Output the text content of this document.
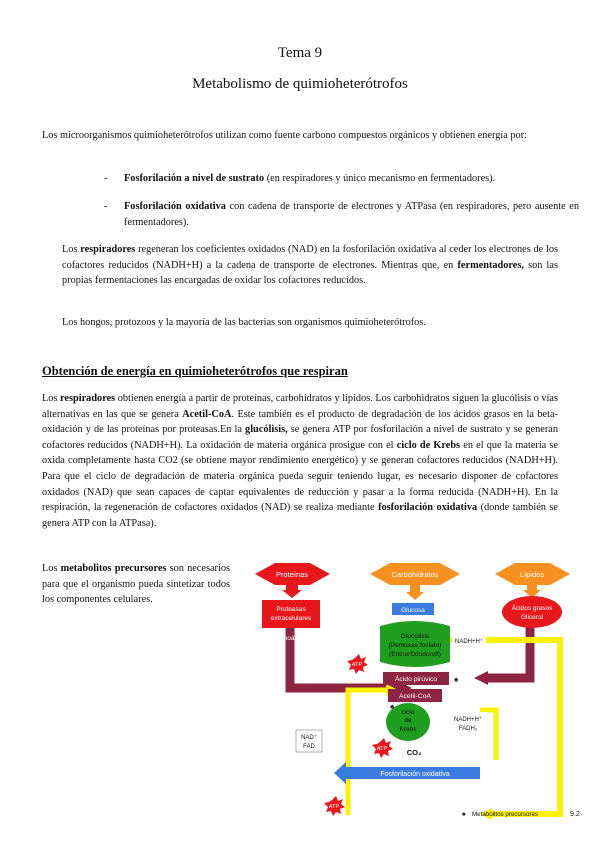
Tema 9
Metabolismo de quimioheterótrofos
Los microorganismos quimioheterótrofos utilizan como fuente carbono compuestos orgánicos y obtienen energía por:
- Fosforilación a nivel de sustrato (en respiradores y único mecanismo en fermentadores).
- Fosforilación oxidativa con cadena de transporte de electrones y ATPasa (en respiradores, pero ausente en fermentadores).
Los respiradores regeneran los coeficientes oxidados (NAD) en la fosforilación oxidativa al ceder los electrones de los cofactores reducidos (NADH+H) a la cadena de transporte de electrones. Mientras que, en fermentadores, son las propias fermentaciones las encargadas de oxidar los cofactores reducidos.
Los hongos, protozoos y la mayoría de las bacterias son organismos quimioheterótrofos.
Obtención de energía en quimioheterótrofos que respiran
Los respiradores obtienen energía a partir de proteínas, carbohidratos y lípidos. Los carbohidratos siguen la glucólisis o vías alternativas en las que se genera Acetil-CoA. Este también es el producto de degradación de los ácidos grasos en la beta-oxidación y de las proteínas por proteasas.En la glucólisis, se genera ATP por fosforilación a nivel de sustrato y se generan cofactores reducidos (NADH+H). La oxidación de materia orgánica prosigue con el ciclo de Krebs en el que la materia se oxida completamente hasta CO2 (se obtiene mayor rendimiento energético) y se generan cofactores reducidos (NADH+H). Para que el ciclo de degradación de materia orgánica pueda seguir teniendo lugar, es necesario disponer de cofactores oxidados (NAD) que sean capaces de captar equivalentes de reducción y pasar a la forma reducida (NADH+H). En la respiración, la regeneración de cofactores oxidados (NAD) se realiza mediante fosforilación oxidativa (donde también se genera ATP con la ATPasa).
Los metabolitos precursores son necesarios para que el organismo pueda sintetizar todos los componentes celulares.
Proteínas	Carbohidratos	Lípidos
Proteasas
extracelulares
Aminoácidos
Glucosa	Ácidos grasos
Glicerol
Glucolisis
(Pentosas fosfato)
(EntnerDoudoroff)
NADH+H⁺
ATP
Ácido pirúvico ♠
Acetil-CoA
ciclo
de
Krebs
♠
ATP	CO₂
NADH+H⁺
FADH₂
NAD⁺
FAD
Fosforilación oxidativa
ATP
♠ Metabolitos precursores	9.2
